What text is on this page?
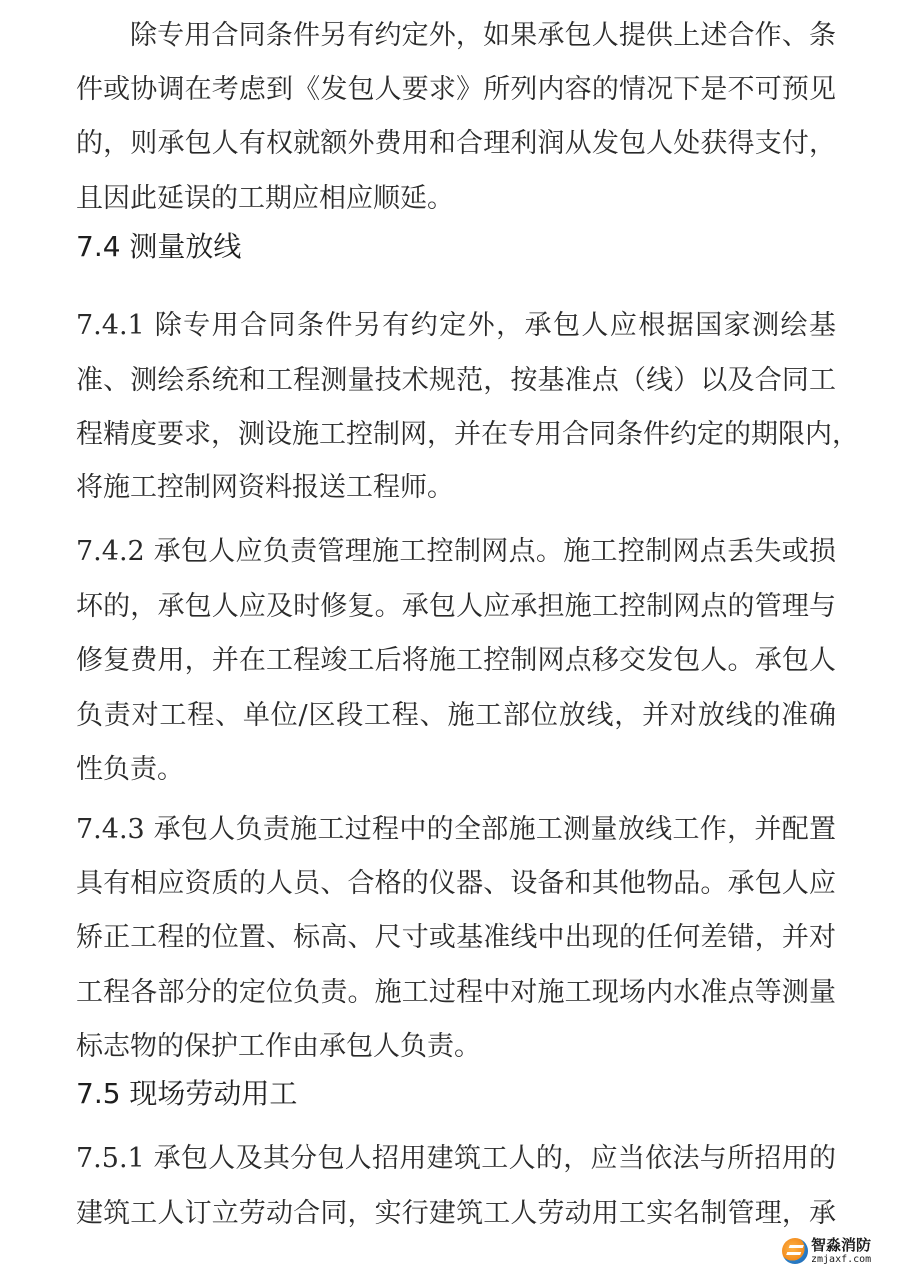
除专用合同条件另有约定外，如果承包人提供上述合作、条
件或协调在考虑到《发包人要求》所列内容的情况下是不可预见
的，则承包人有权就额外费用和合理利润从发包人处获得支付，
且因此延误的工期应相应顺延。
7.4 测量放线
7.4.1 除专用合同条件另有约定外，承包人应根据国家测绘基
准、测绘系统和工程测量技术规范，按基准点（线）以及合同工
程精度要求，测设施工控制网，并在专用合同条件约定的期限内，
将施工控制网资料报送工程师。
7.4.2 承包人应负责管理施工控制网点。施工控制网点丢失或损
坏的，承包人应及时修复。承包人应承担施工控制网点的管理与
修复费用，并在工程竣工后将施工控制网点移交发包人。承包人
负责对工程、单位/区段工程、施工部位放线，并对放线的准确
性负责。
7.4.3 承包人负责施工过程中的全部施工测量放线工作，并配置
具有相应资质的人员、合格的仪器、设备和其他物品。承包人应
矫正工程的位置、标高、尺寸或基准线中出现的任何差错，并对
工程各部分的定位负责。施工过程中对施工现场内水准点等测量
标志物的保护工作由承包人负责。
7.5 现场劳动用工
7.5.1 承包人及其分包人招用建筑工人的，应当依法与所招用的
建筑工人订立劳动合同，实行建筑工人劳动用工实名制管理，承
智淼消防
zmjaxf.com
